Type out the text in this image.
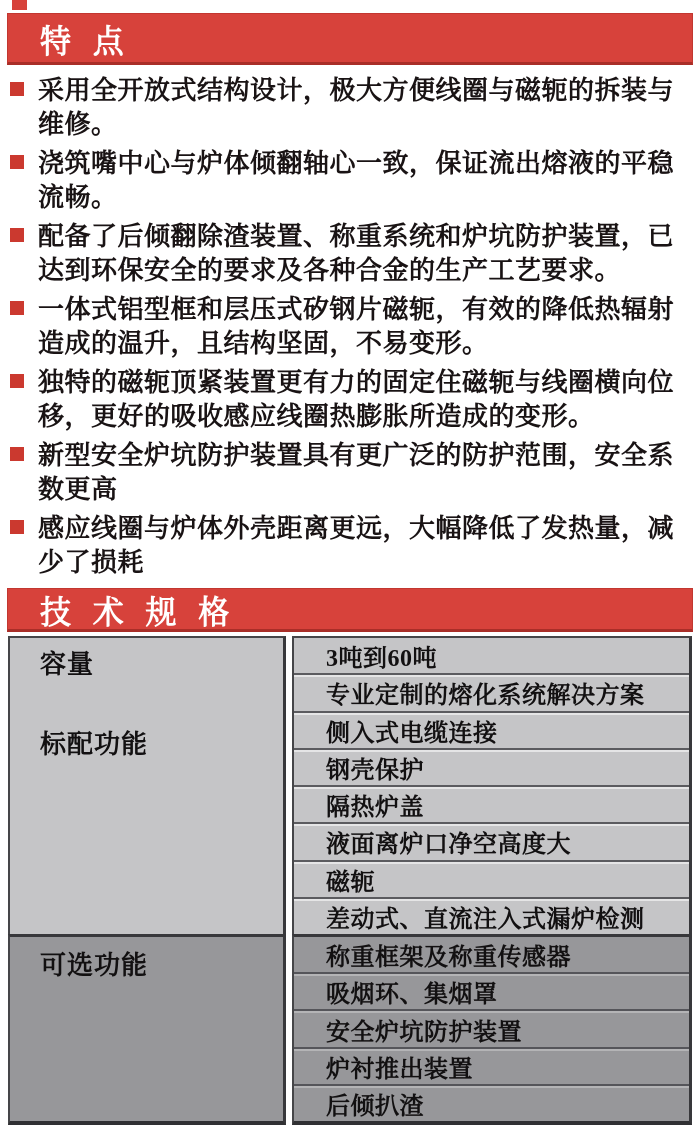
特 点
采用全开放式结构设计，极大方便线圈与磁轭的拆装与维修。
浇筑嘴中心与炉体倾翻轴心一致，保证流出熔液的平稳流畅。
配备了后倾翻除渣装置、称重系统和炉坑防护装置，已达到环保安全的要求及各种合金的生产工艺要求。
一体式铝型框和层压式矽钢片磁轭，有效的降低热辐射造成的温升，且结构坚固，不易变形。
独特的磁轭顶紧装置更有力的固定住磁轭与线圈横向位移，更好的吸收感应线圈热膨胀所造成的变形。
新型安全炉坑防护装置具有更广泛的防护范围，安全系数更高
感应线圈与炉体外壳距离更远，大幅降低了发热量，减少了损耗
技 术 规 格
容量
标配功能
可选功能
3吨到60吨
专业定制的熔化系统解决方案
侧入式电缆连接
钢壳保护
隔热炉盖
液面离炉口净空高度大
磁轭
差动式、直流注入式漏炉检测
称重框架及称重传感器
吸烟环、集烟罩
安全炉坑防护装置
炉衬推出装置
后倾扒渣
